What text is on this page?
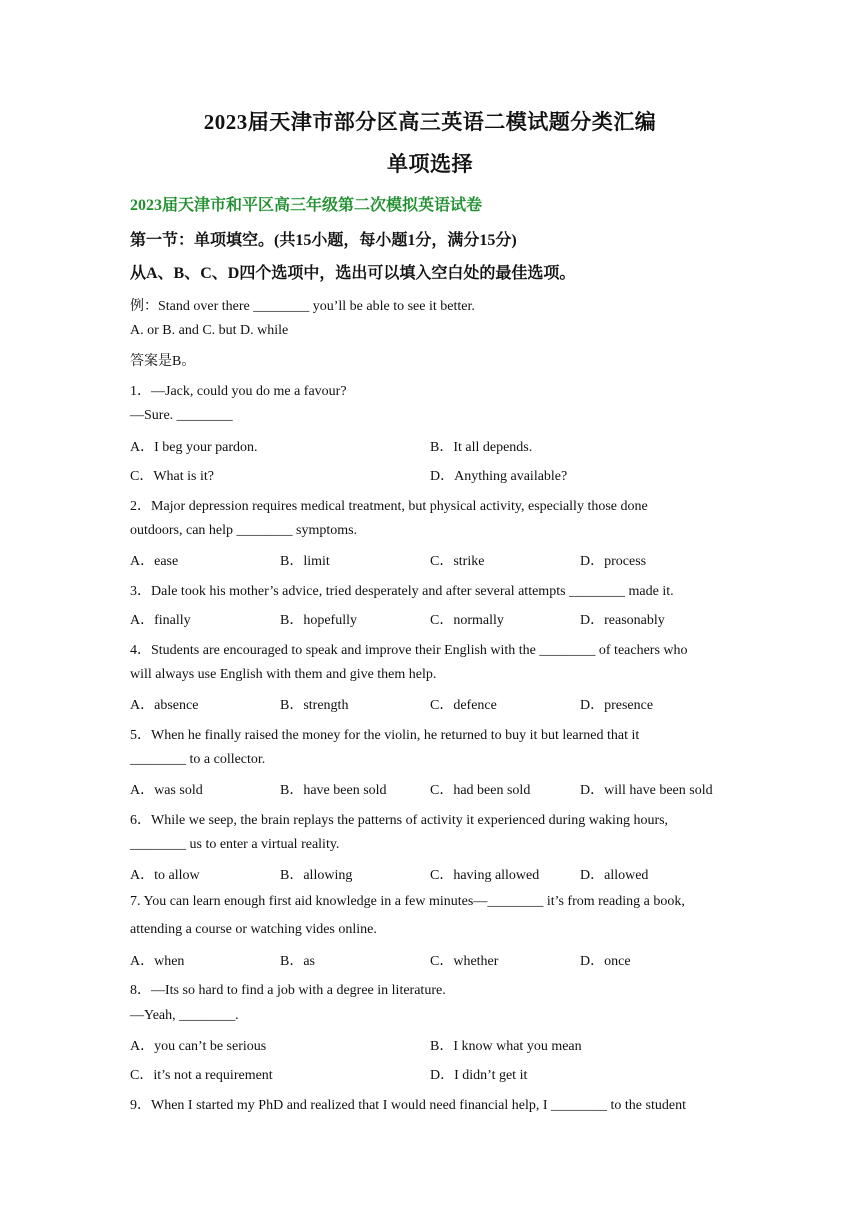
2023届天津市部分区高三英语二模试题分类汇编
单项选择
2023届天津市和平区高三年级第二次模拟英语试卷
第一节：单项填空。(共15小题，每小题1分，满分15分)
从A、B、C、D四个选项中，选出可以填入空白处的最佳选项。
例：Stand over there ________ you’ll be able to see it better.
A. or B. and C. but D. while
答案是B。
1．—Jack, could you do me a favour?
—Sure. ________
A．I beg your pardon.	B．It all depends.
C．What is it?	D．Anything available?
2．Major depression requires medical treatment, but physical activity, especially those done
outdoors, can help ________ symptoms.
A．ease	B．limit	C．strike	D．process
3．Dale took his mother’s advice, tried desperately and after several attempts ________ made it.
A．finally	B．hopefully	C．normally	D．reasonably
4．Students are encouraged to speak and improve their English with the ________ of teachers who
will always use English with them and give them help.
A．absence	B．strength	C．defence	D．presence
5．When he finally raised the money for the violin, he returned to buy it but learned that it
________ to a collector.
A．was sold	B．have been sold	C．had been sold	D．will have been sold
6．While we seep, the brain replays the patterns of activity it experienced during waking hours,
________ us to enter a virtual reality.
A．to allow	B．allowing	C．having allowed	D．allowed
7. You can learn enough first aid knowledge in a few minutes—________ it’s from reading a book,
attending a course or watching vides online.
A．when	B．as	C．whether	D．once
8．—Its so hard to find a job with a degree in literature.
—Yeah, ________.
A．you can’t be serious	B．I know what you mean
C．it’s not a requirement	D．I didn’t get it
9．When I started my PhD and realized that I would need financial help, I ________ to the student
